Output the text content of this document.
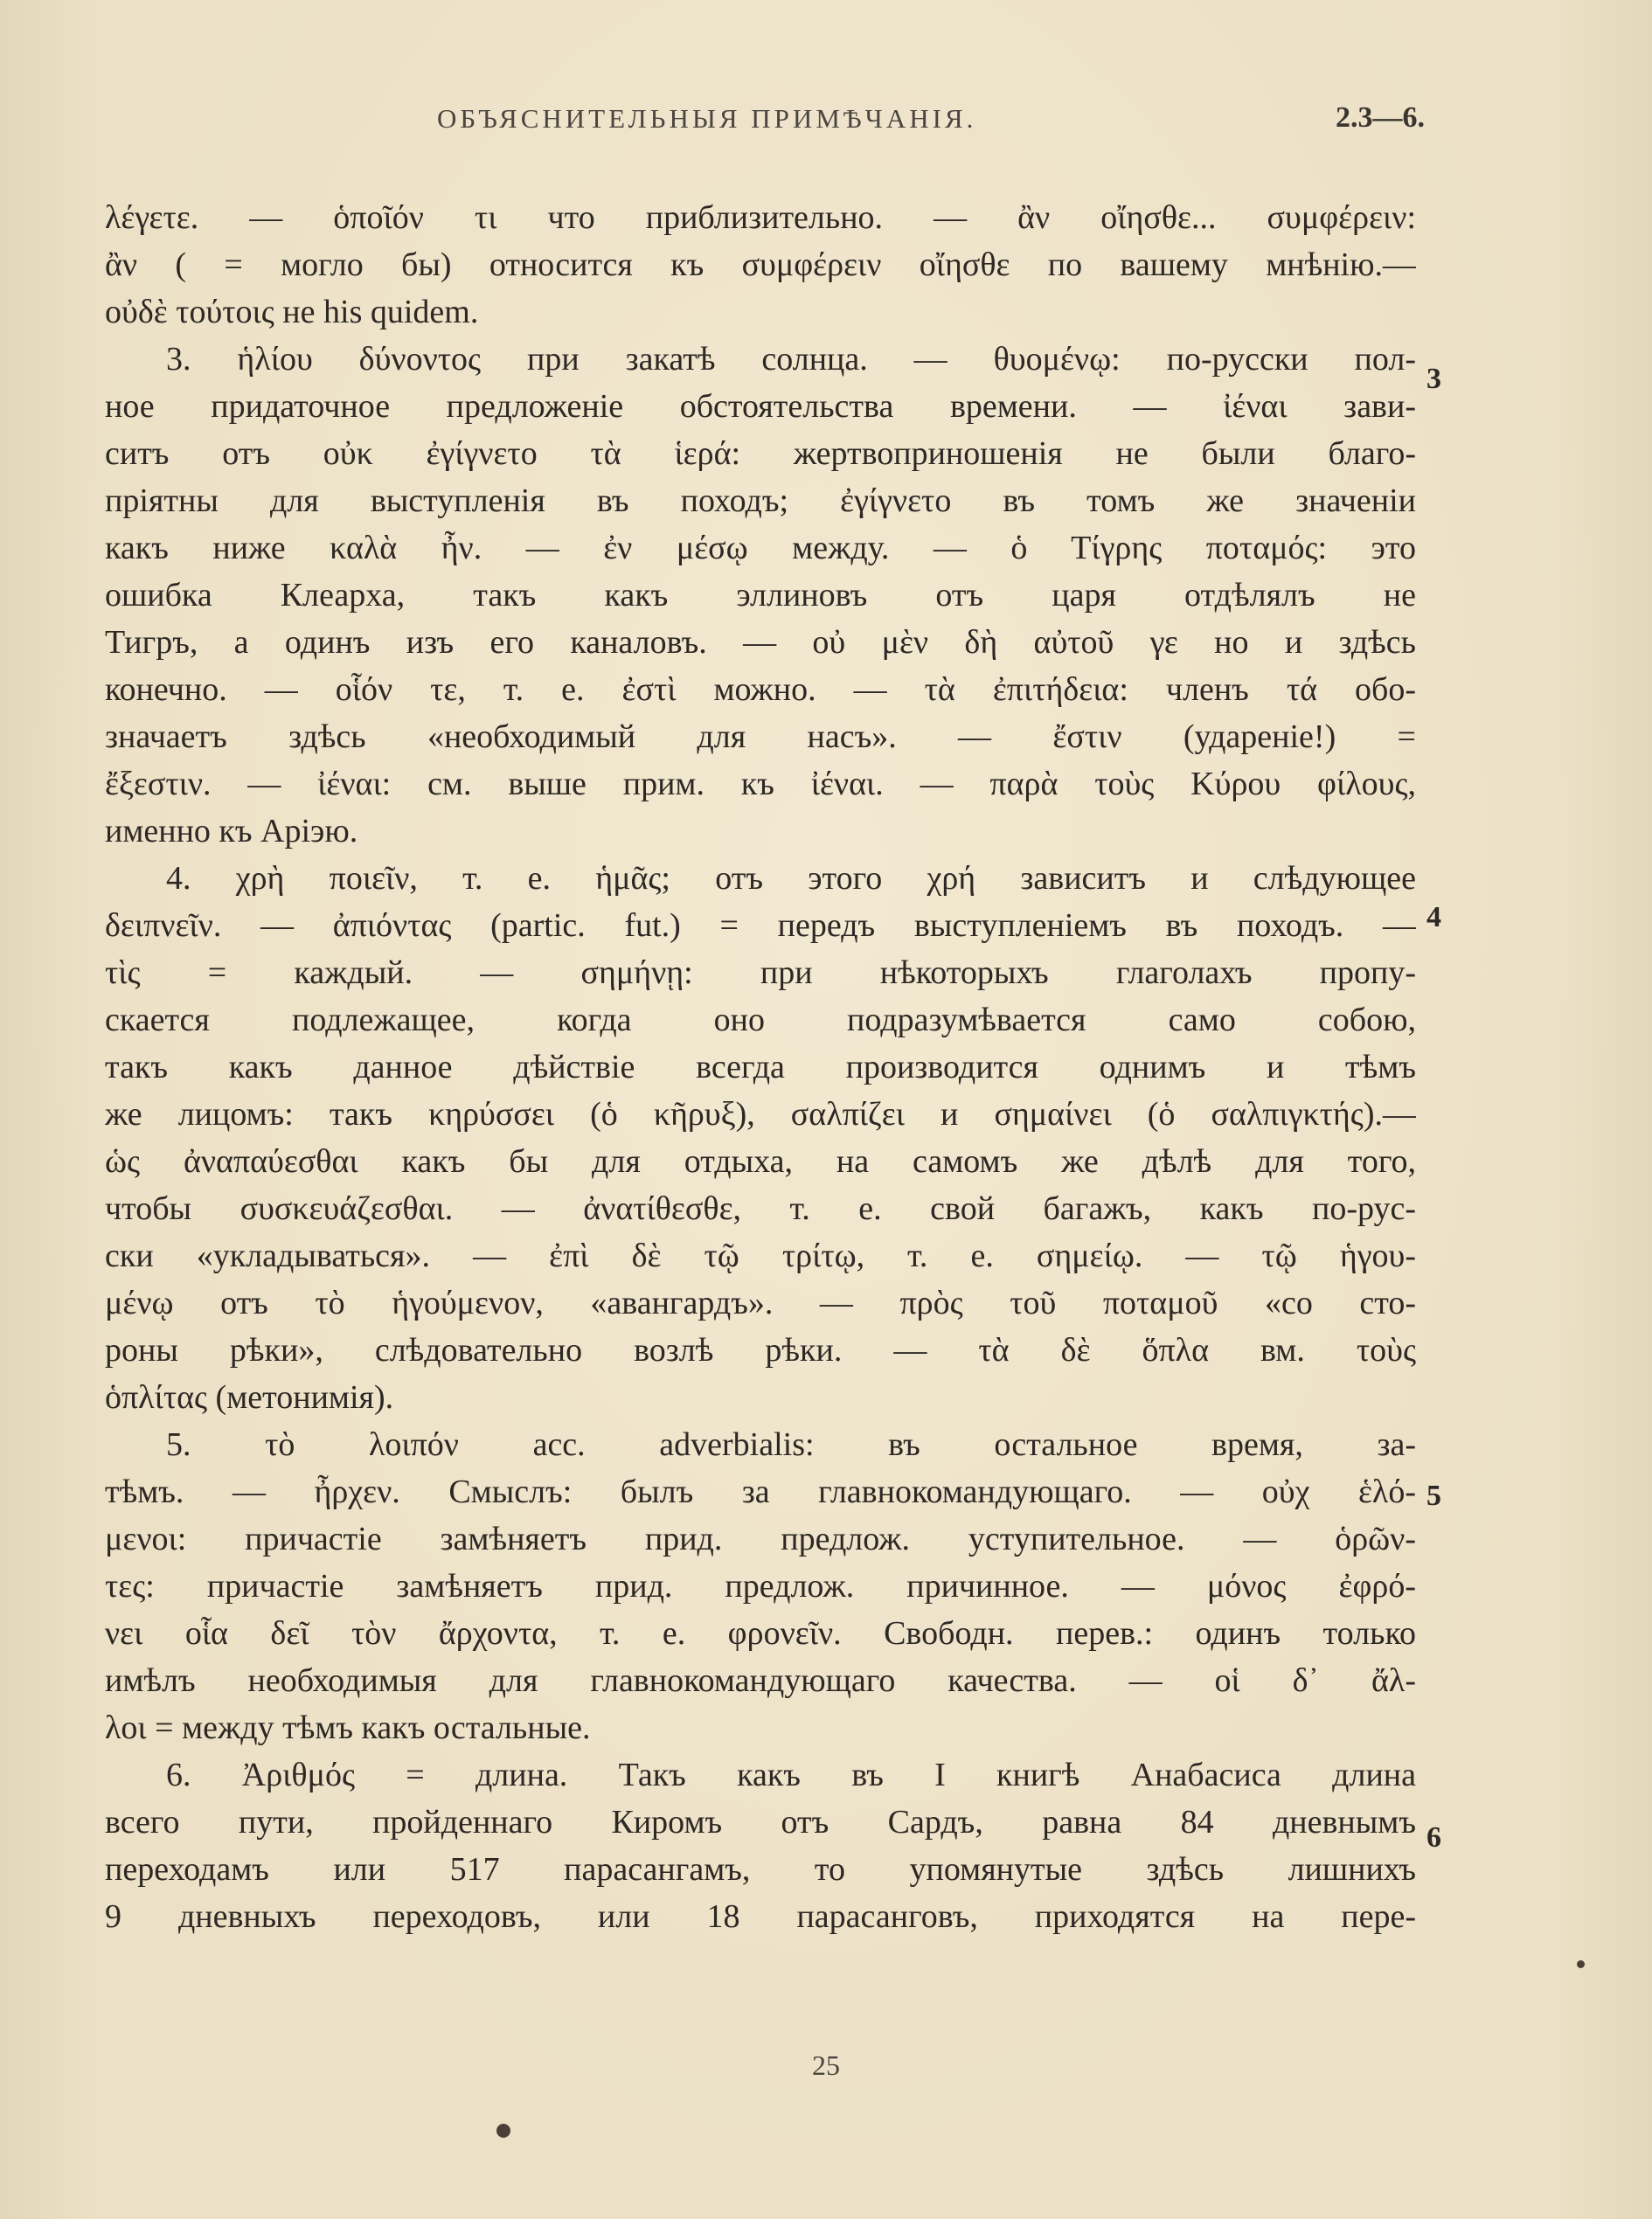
ОБЪЯСНИТЕЛЬНЫЯ ПРИМѢЧАНІЯ.	2.3—6.
λέγετε. — ὁποῖόν τι что приблизительно. — ἂν οἴησθε... συμφέρειν:
ἂν ( = могло бы) относится къ συμφέρειν οἴησθε по вашему мнѣнію.—
οὐδὲ τούτοις не his quidem.
3. ἡλίου δύνοντος при закатѣ солнца. — θυομένῳ: по-русски пол-
ное придаточное предложеніе обстоятельства времени. — ἰέναι зави-
ситъ отъ οὐκ ἐγίγνετο τὰ ἱερά: жертвоприношенія не были благо-
пріятны для выступленія въ походъ; ἐγίγνετο въ томъ же значеніи
какъ ниже καλὰ ἦν. — ἐν μέσῳ между. — ὁ Τίγρης ποταμός: это
ошибка Клеарха, такъ какъ эллиновъ отъ царя отдѣлялъ не
Тигръ, а одинъ изъ его каналовъ. — οὐ μὲν δὴ αὐτοῦ γε но и здѣсь
конечно. — οἷόν τε, т. е. ἐστὶ можно. — τὰ ἐπιτήδεια: членъ τά обо-
значаетъ здѣсь «необходимый для насъ». — ἔστιν (удареніе!) =
ἔξεστιν. — ἰέναι: см. выше прим. къ ἰέναι. — παρὰ τοὺς Κύρου φίλους,
именно къ Аріэю.
4. χρὴ ποιεῖν, т. е. ἡμᾶς; отъ этого χρή зависитъ и слѣдующее
δειπνεῖν. — ἀπιόντας (partic. fut.) = передъ выступленіемъ въ походъ. —
τὶς = каждый. — σημήνῃ: при нѣкоторыхъ глаголахъ пропу-
скается подлежащее, когда оно подразумѣвается само собою,
такъ какъ данное дѣйствіе всегда производится однимъ и тѣмъ
же лицомъ: такъ κηρύσσει (ὁ κῆρυξ), σαλπίζει и σημαίνει (ὁ σαλπιγκτής).—
ὡς ἀναπαύεσθαι какъ бы для отдыха, на самомъ же дѣлѣ для того,
чтобы συσκευάζεσθαι. — ἀνατίθεσθε, т. е. свой багажъ, какъ по-рус-
ски «укладываться». — ἐπὶ δὲ τῷ τρίτῳ, т. е. σημείῳ. — τῷ ἡγου-
μένῳ отъ τὸ ἡγούμενον, «авангардъ». — πρὸς τοῦ ποταμοῦ «со сто-
роны рѣки», слѣдовательно возлѣ рѣки. — τὰ δὲ ὅπλα вм. τοὺς
ὁπλίτας (метонимія).
5. τὸ λοιπόν acc. adverbialis: въ остальное время, за-
тѣмъ. — ἦρχεν. Смыслъ: былъ за главнокомандующаго. — οὐχ ἑλό-
μενοι: причастіе замѣняетъ прид. предлож. уступительное. — ὁρῶν-
τες: причастіе замѣняетъ прид. предлож. причинное. — μόνος ἐφρό-
νει οἷα δεῖ τὸν ἄρχοντα, т. е. φρονεῖν. Свободн. перев.: одинъ только
имѣлъ необходимыя для главнокомандующаго качества. — οἱ δ᾽ ἄλ-
λοι = между тѣмъ какъ остальные.
6. Ἀριθμός = длина. Такъ какъ въ I книгѣ Анабасиса длина
всего пути, пройденнаго Киромъ отъ Сардъ, равна 84 дневнымъ
переходамъ или 517 парасангамъ, то упомянутые здѣсь лишнихъ
9 дневныхъ переходовъ, или 18 парасанговъ, приходятся на пере-
3
4
5
6
25
